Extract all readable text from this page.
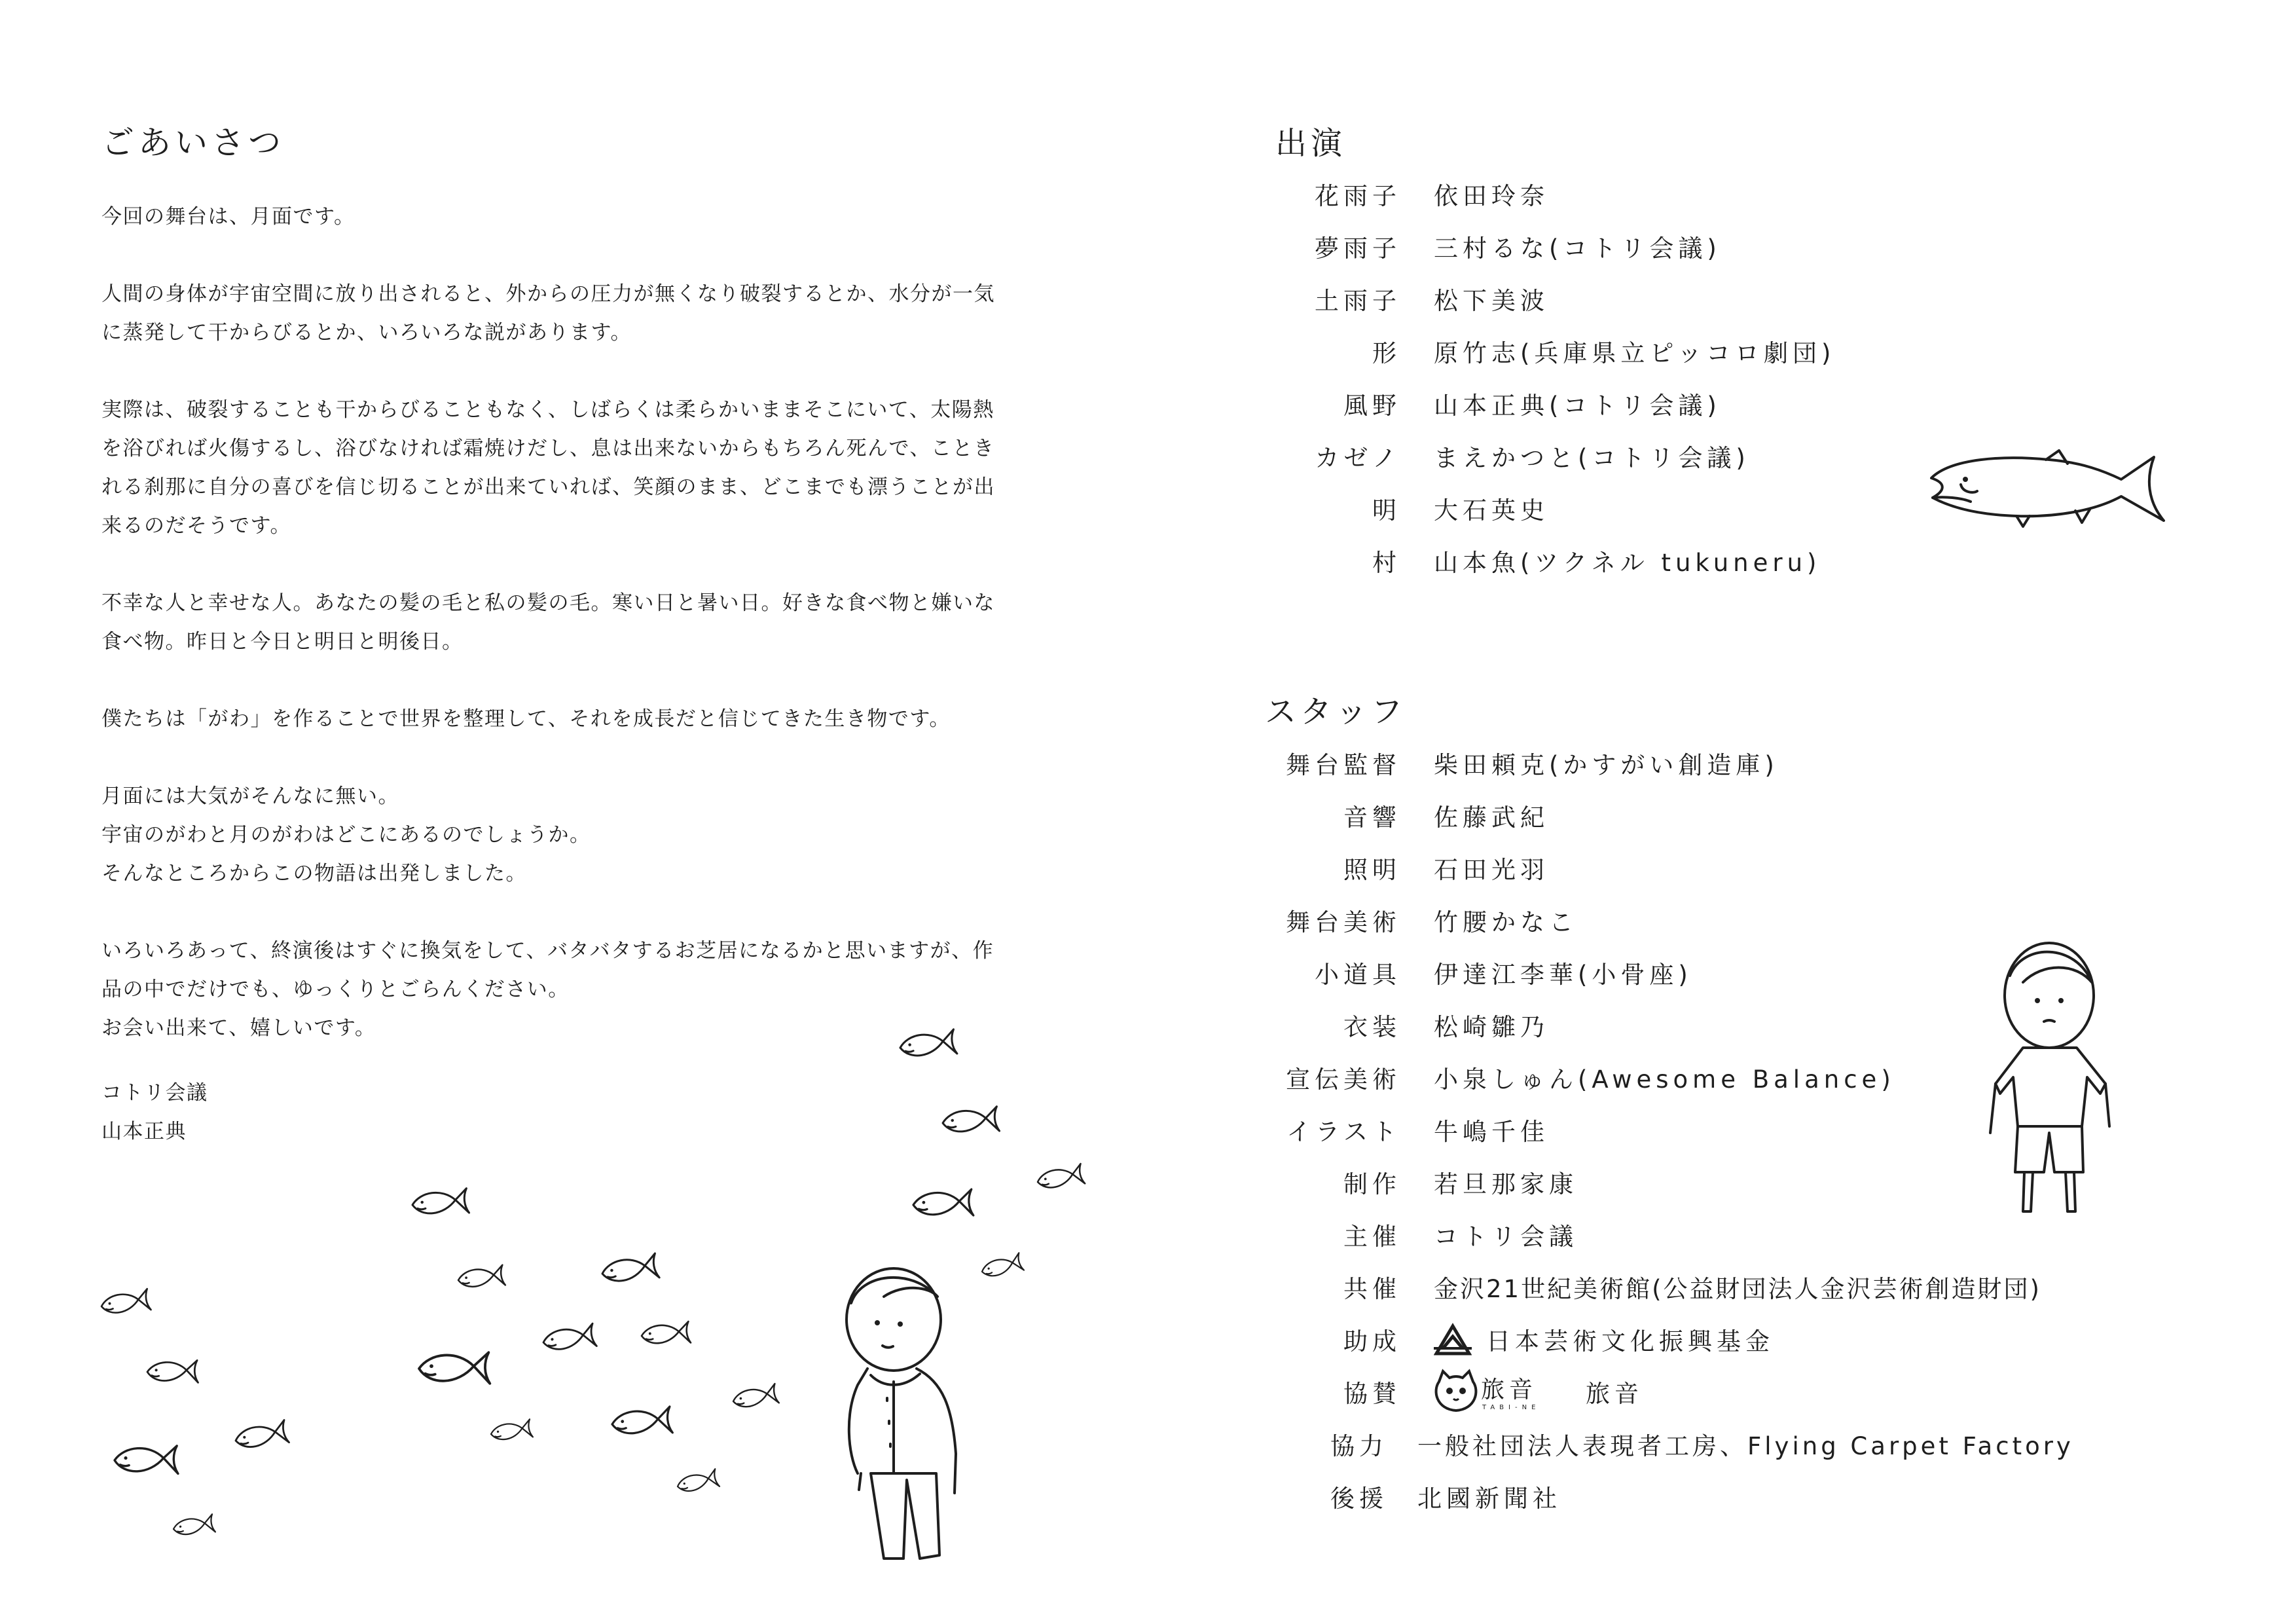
ごあいさつ

今回の舞台は、月面です。

人間の身体が宇宙空間に放り出されると、外からの圧力が無くなり破裂するとか、水分が一気
に蒸発して干からびるとか、いろいろな説があります。

実際は、破裂することも干からびることもなく、しばらくは柔らかいままそこにいて、太陽熱
を浴びれば火傷するし、浴びなければ霜焼けだし、息は出来ないからもちろん死んで、ことき
れる刹那に自分の喜びを信じ切ることが出来ていれば、笑顔のまま、どこまでも漂うことが出
来るのだそうです。

不幸な人と幸せな人。あなたの髪の毛と私の髪の毛。寒い日と暑い日。好きな食べ物と嫌いな
食べ物。昨日と今日と明日と明後日。

僕たちは「がわ」を作ることで世界を整理して、それを成長だと信じてきた生き物です。

月面には大気がそんなに無い。
宇宙のがわと月のがわはどこにあるのでしょうか。
そんなところからこの物語は出発しました。

いろいろあって、終演後はすぐに換気をして、バタバタするお芝居になるかと思いますが、作
品の中でだけでも、ゆっくりとごらんください。
お会い出来て、嬉しいです。

コトリ会議
山本正典
出演
花雨子	依田玲奈
夢雨子	三村るな(コトリ会議)
土雨子	松下美波
形	原竹志(兵庫県立ピッコロ劇団)
風野	山本正典(コトリ会議)
カゼノ	まえかつと(コトリ会議)
明	大石英史
村	山本魚(ツクネル tukuneru)
スタッフ
舞台監督	柴田頼克(かすがい創造庫)
音響	佐藤武紀
照明	石田光羽
舞台美術	竹腰かなこ
小道具	伊達江李華(小骨座)
衣装	松崎雛乃
宣伝美術	小泉しゅん(Awesome Balance)
イラスト	牛嶋千佳
制作	若旦那家康
主催	コトリ会議
共催	金沢21世紀美術館(公益財団法人金沢芸術創造財団)
助成	日本芸術文化振興基金
協賛	旅音
TABI-NE 旅音
協力	一般社団法人表現者工房、Flying Carpet Factory
後援	北國新聞社
